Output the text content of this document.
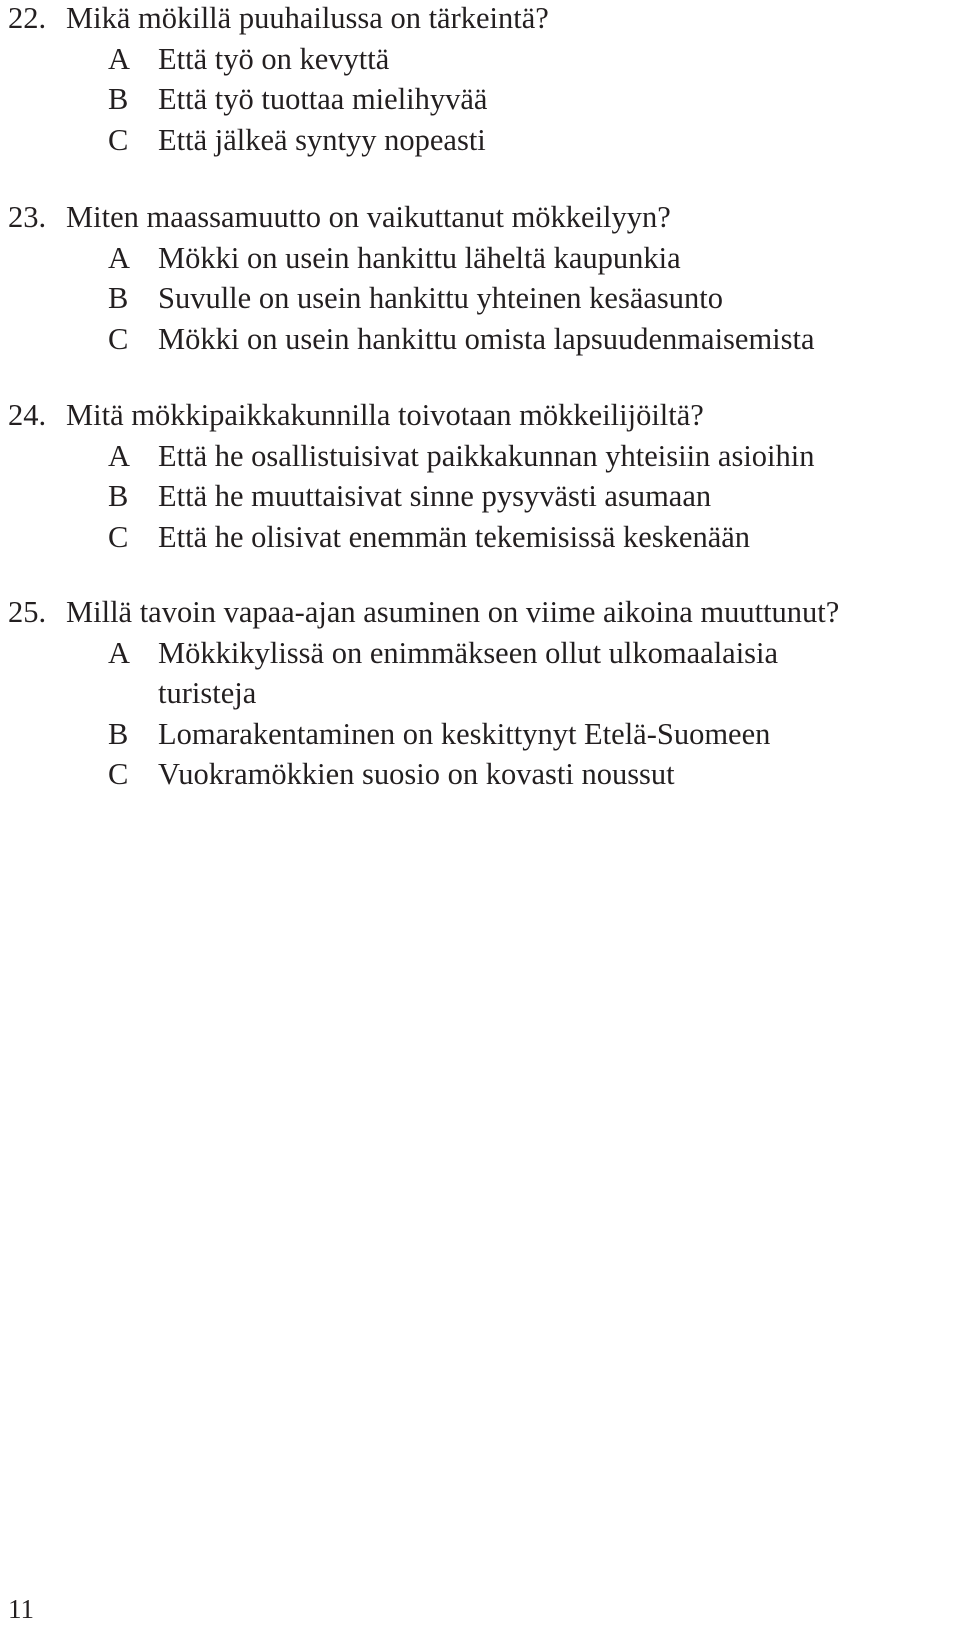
22. Mikä mökillä puuhailussa on tärkeintä?
A Että työ on kevyttä
B Että työ tuottaa mielihyvää
C Että jälkeä syntyy nopeasti
23. Miten maassamuutto on vaikuttanut mökkeilyyn?
A Mökki on usein hankittu läheltä kaupunkia
B Suvulle on usein hankittu yhteinen kesäasunto
C Mökki on usein hankittu omista lapsuudenmaisemista
24. Mitä mökkipaikkakunnilla toivotaan mökkeilijöiltä?
A Että he osallistuisivat paikkakunnan yhteisiin asioihin
B Että he muuttaisivat sinne pysyvästi asumaan
C Että he olisivat enemmän tekemisissä keskenään
25. Millä tavoin vapaa-ajan asuminen on viime aikoina muuttunut?
A Mökkikylissä on enimmäkseen ollut ulkomaalaisia
turisteja
B Lomarakentaminen on keskittynyt Etelä-Suomeen
C Vuokramökkien suosio on kovasti noussut
11
